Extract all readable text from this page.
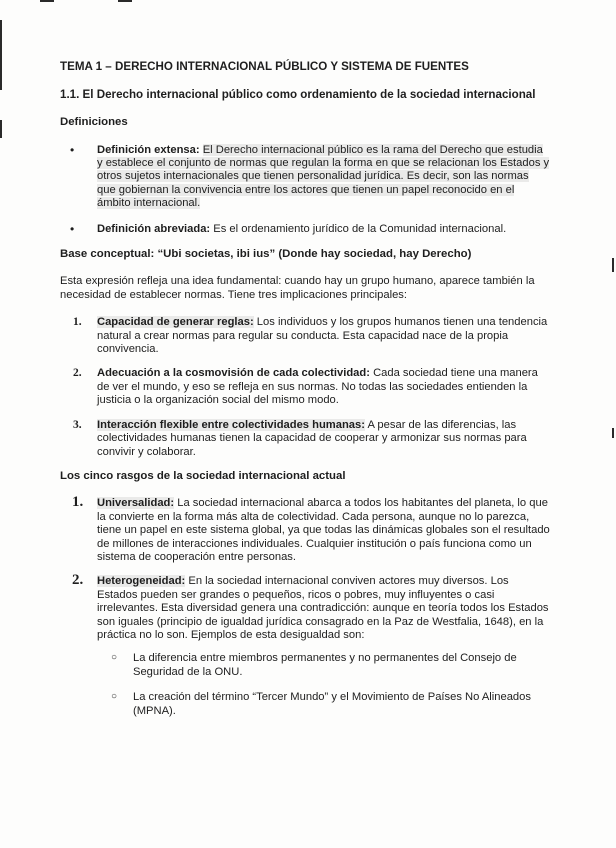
TEMA 1 – DERECHO INTERNACIONAL PÚBLICO Y SISTEMA DE FUENTES
1.1. El Derecho internacional público como ordenamiento de la sociedad internacional
Definiciones
• Definición extensa: El Derecho internacional público es la rama del Derecho que estudia y establece el conjunto de normas que regulan la forma en que se relacionan los Estados y otros sujetos internacionales que tienen personalidad jurídica. Es decir, son las normas que gobiernan la convivencia entre los actores que tienen un papel reconocido en el ámbito internacional.
• Definición abreviada: Es el ordenamiento jurídico de la Comunidad internacional.
Base conceptual: “Ubi societas, ibi ius” (Donde hay sociedad, hay Derecho)
Esta expresión refleja una idea fundamental: cuando hay un grupo humano, aparece también la necesidad de establecer normas. Tiene tres implicaciones principales:
1. Capacidad de generar reglas: Los individuos y los grupos humanos tienen una tendencia natural a crear normas para regular su conducta. Esta capacidad nace de la propia convivencia.
2. Adecuación a la cosmovisión de cada colectividad: Cada sociedad tiene una manera de ver el mundo, y eso se refleja en sus normas. No todas las sociedades entienden la justicia o la organización social del mismo modo.
3. Interacción flexible entre colectividades humanas: A pesar de las diferencias, las colectividades humanas tienen la capacidad de cooperar y armonizar sus normas para convivir y colaborar.
Los cinco rasgos de la sociedad internacional actual
1. Universalidad: La sociedad internacional abarca a todos los habitantes del planeta, lo que la convierte en la forma más alta de colectividad. Cada persona, aunque no lo parezca, tiene un papel en este sistema global, ya que todas las dinámicas globales son el resultado de millones de interacciones individuales. Cualquier institución o país funciona como un sistema de cooperación entre personas.
2. Heterogeneidad: En la sociedad internacional conviven actores muy diversos. Los Estados pueden ser grandes o pequeños, ricos o pobres, muy influyentes o casi irrelevantes. Esta diversidad genera una contradicción: aunque en teoría todos los Estados son iguales (principio de igualdad jurídica consagrado en la Paz de Westfalia, 1648), en la práctica no lo son. Ejemplos de esta desigualdad son:
○ La diferencia entre miembros permanentes y no permanentes del Consejo de Seguridad de la ONU.
○ La creación del término “Tercer Mundo” y el Movimiento de Países No Alineados (MPNA).
